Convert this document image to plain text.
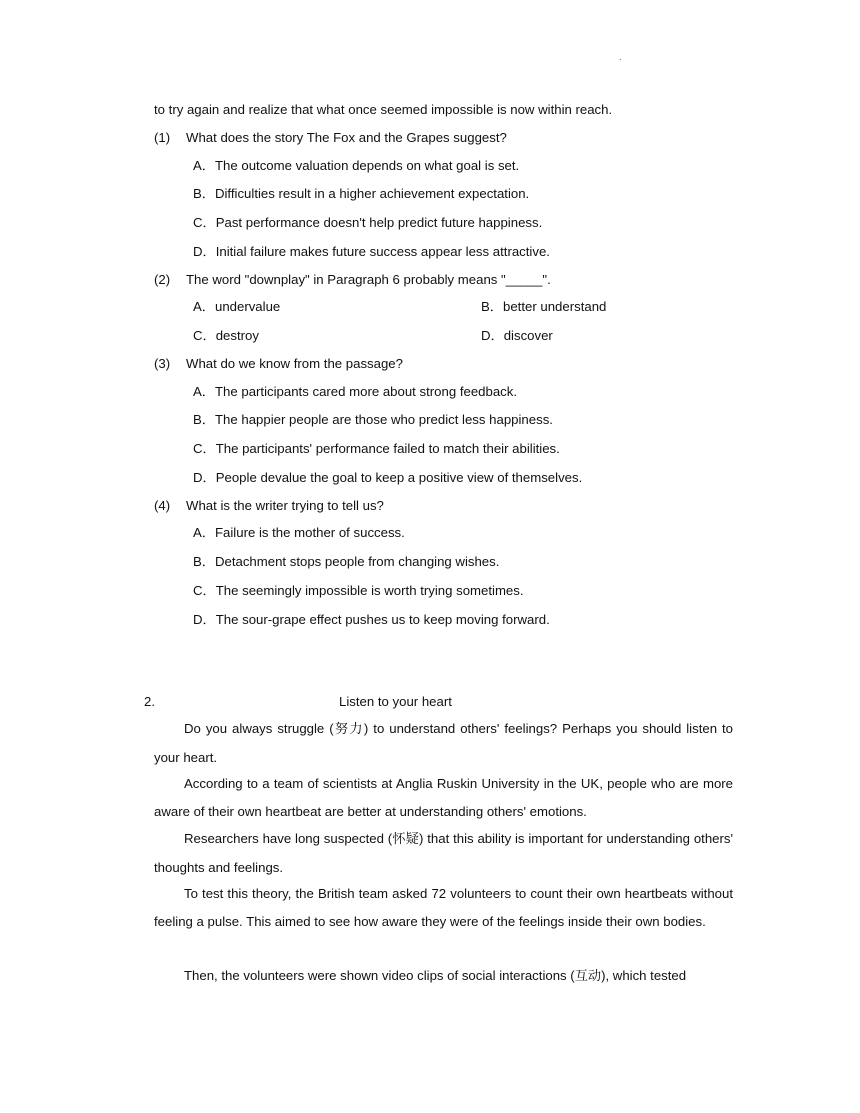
.
to try again and realize that what once seemed impossible is now within reach.
(1) What does the story The Fox and the Grapes suggest?
A．The outcome valuation depends on what goal is set.
B．Difficulties result in a higher achievement expectation.
C．Past performance doesn't help predict future happiness.
D．Initial failure makes future success appear less attractive.
(2) The word "downplay" in Paragraph 6 probably means "_____".
A．undervalue	B．better understand
C．destroy	D．discover
(3) What do we know from the passage?
A．The participants cared more about strong feedback.
B．The happier people are those who predict less happiness.
C．The participants' performance failed to match their abilities.
D．People devalue the goal to keep a positive view of themselves.
(4) What is the writer trying to tell us?
A．Failure is the mother of success.
B．Detachment stops people from changing wishes.
C．The seemingly impossible is worth trying sometimes.
D．The sour-grape effect pushes us to keep moving forward.
2.	Listen to your heart
Do you always struggle (努力) to understand others' feelings? Perhaps you should listen to your heart.
According to a team of scientists at Anglia Ruskin University in the UK, people who are more aware of their own heartbeat are better at understanding others' emotions.
Researchers have long suspected (怀疑) that this ability is important for understanding others' thoughts and feelings.
To test this theory, the British team asked 72 volunteers to count their own heartbeats without feeling a pulse. This aimed to see how aware they were of the feelings inside their own bodies.
Then, the volunteers were shown video clips of social interactions (互动), which tested
